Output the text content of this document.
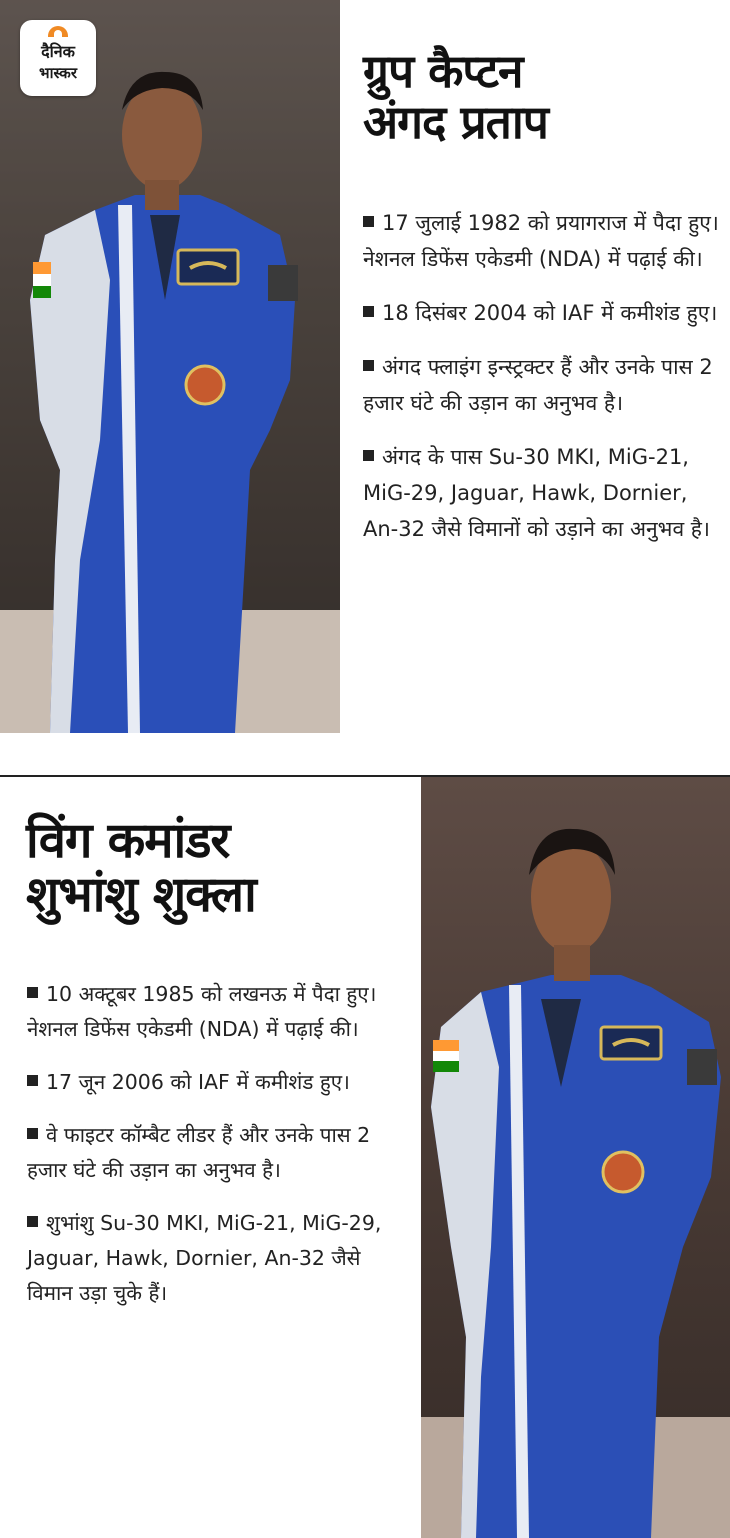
दैनिक
भास्कर	ग्रुप कैप्टन
अंगद प्रताप
17 जुलाई 1982 को प्रयागराज में पैदा हुए। नेशनल डिफेंस एकेडमी (NDA) में पढ़ाई की।
18 दिसंबर 2004 को IAF में कमीशंड हुए।
अंगद फ्लाइंग इन्स्ट्रक्टर हैं और उनके पास 2 हजार घंटे की उड़ान का अनुभव है।
अंगद के पास Su-30 MKI, MiG-21, MiG-29, Jaguar, Hawk, Dornier, An-32 जैसे विमानों को उड़ाने का अनुभव है।
विंग कमांडर
शुभांशु शुक्ला
10 अक्टूबर 1985 को लखनऊ में पैदा हुए। नेशनल डिफेंस एकेडमी (NDA) में पढ़ाई की।
17 जून 2006 को IAF में कमीशंड हुए।
वे फाइटर कॉम्बैट लीडर हैं और उनके पास 2 हजार घंटे की उड़ान का अनुभव है।
शुभांशु Su-30 MKI, MiG-21, MiG-29, Jaguar, Hawk, Dornier, An-32 जैसे विमान उड़ा चुके हैं।
